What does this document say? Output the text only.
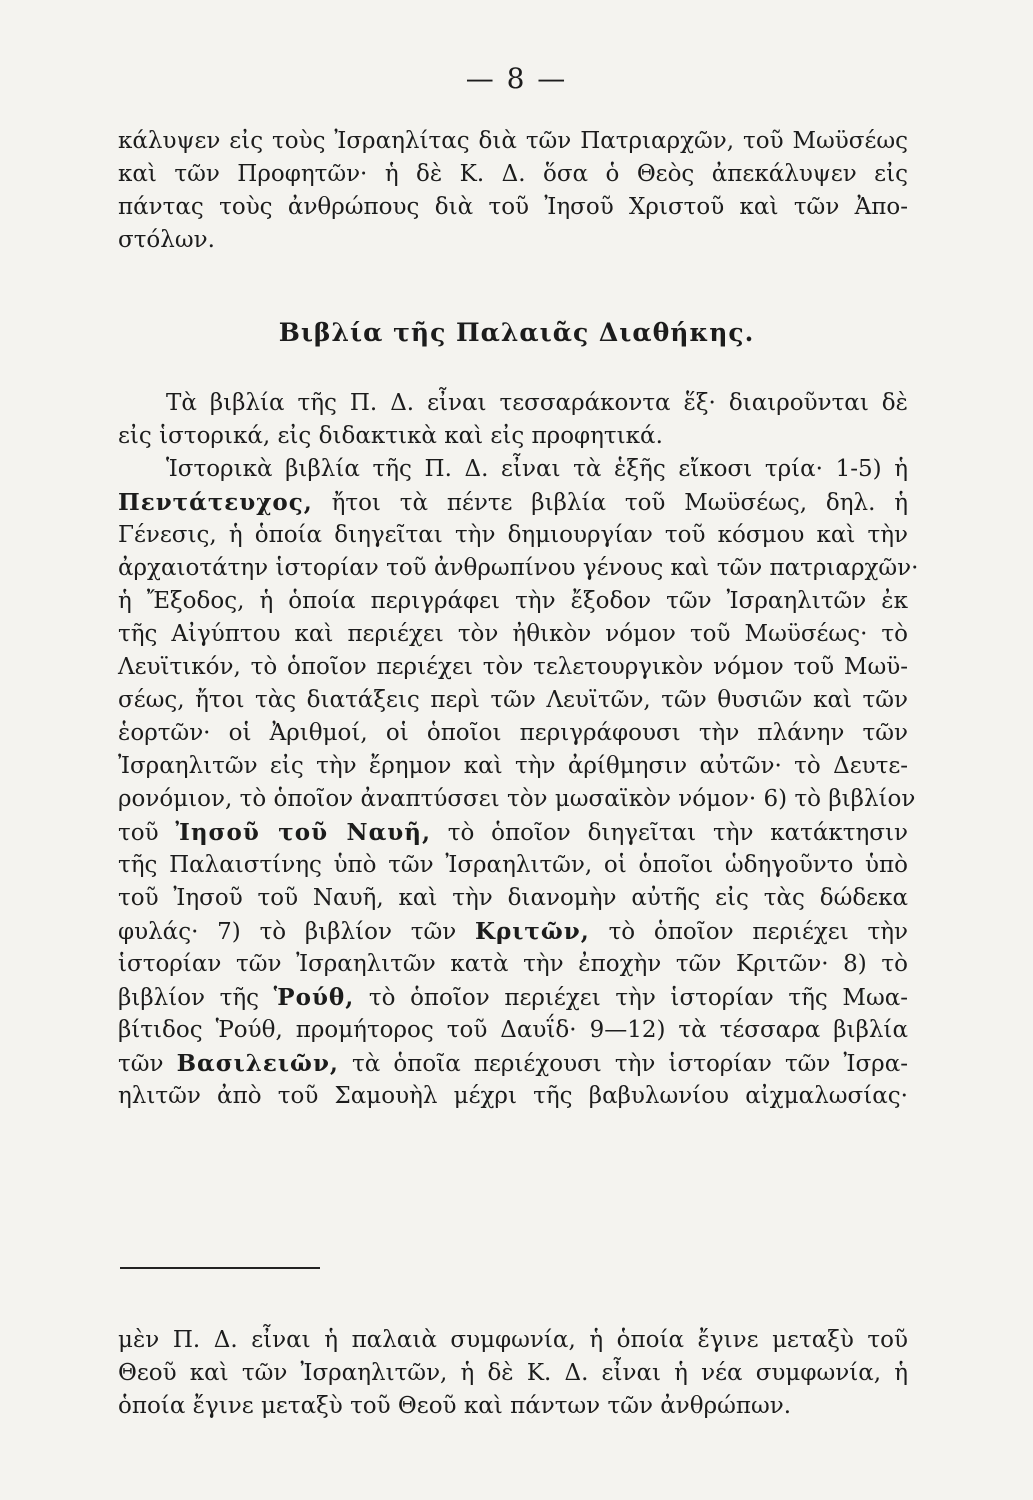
— 8 —
κάλυψεν εἰς τοὺς Ἰσραηλίτας διὰ τῶν Πατριαρχῶν, τοῦ Μωϋσέως
καὶ τῶν Προφητῶν· ἡ δὲ Κ. Δ. ὅσα ὁ Θεὸς ἀπεκάλυψεν εἰς
πάντας τοὺς ἀνθρώπους διὰ τοῦ Ἰησοῦ Χριστοῦ καὶ τῶν Ἀπο-
στόλων.
Βιβλία τῆς Παλαιᾶς Διαθήκης.
Τὰ βιβλία τῆς Π. Δ. εἶναι τεσσαράκοντα ἕξ· διαιροῦνται δὲ
εἰς ἱστορικά, εἰς διδακτικὰ καὶ εἰς προφητικά.
Ἱστορικὰ βιβλία τῆς Π. Δ. εἶναι τὰ ἑξῆς εἴκοσι τρία· 1-5) ἡ
Πεντάτευχος, ἤτοι τὰ πέντε βιβλία τοῦ Μωϋσέως, δηλ. ἡ
Γένεσις, ἡ ὁποία διηγεῖται τὴν δημιουργίαν τοῦ κόσμου καὶ τὴν
ἀρχαιοτάτην ἱστορίαν τοῦ ἀνθρωπίνου γένους καὶ τῶν πατριαρχῶν·
ἡ Ἔξοδος, ἡ ὁποία περιγράφει τὴν ἔξοδον τῶν Ἰσραηλιτῶν ἐκ
τῆς Αἰγύπτου καὶ περιέχει τὸν ἠθικὸν νόμον τοῦ Μωϋσέως· τὸ
Λευϊτικόν, τὸ ὁποῖον περιέχει τὸν τελετουργικὸν νόμον τοῦ Μωϋ-
σέως, ἤτοι τὰς διατάξεις περὶ τῶν Λευϊτῶν, τῶν θυσιῶν καὶ τῶν
ἑορτῶν· οἱ Ἀριθμοί, οἱ ὁποῖοι περιγράφουσι τὴν πλάνην τῶν
Ἰσραηλιτῶν εἰς τὴν ἔρημον καὶ τὴν ἀρίθμησιν αὐτῶν· τὸ Δευτε-
ρονόμιον, τὸ ὁποῖον ἀναπτύσσει τὸν μωσαϊκὸν νόμον· 6) τὸ βιβλίον
τοῦ Ἰησοῦ τοῦ Ναυῆ, τὸ ὁποῖον διηγεῖται τὴν κατάκτησιν
τῆς Παλαιστίνης ὑπὸ τῶν Ἰσραηλιτῶν, οἱ ὁποῖοι ὡδηγοῦντο ὑπὸ
τοῦ Ἰησοῦ τοῦ Ναυῆ, καὶ τὴν διανομὴν αὐτῆς εἰς τὰς δώδεκα
φυλάς· 7) τὸ βιβλίον τῶν Κριτῶν, τὸ ὁποῖον περιέχει τὴν
ἱστορίαν τῶν Ἰσραηλιτῶν κατὰ τὴν ἐποχὴν τῶν Κριτῶν· 8) τὸ
βιβλίον τῆς Ῥούθ, τὸ ὁποῖον περιέχει τὴν ἱστορίαν τῆς Μωα-
βίτιδος Ῥούθ, προμήτορος τοῦ Δαυΐδ· 9—12) τὰ τέσσαρα βιβλία
τῶν Βασιλειῶν, τὰ ὁποῖα περιέχουσι τὴν ἱστορίαν τῶν Ἰσρα-
ηλιτῶν ἀπὸ τοῦ Σαμουὴλ μέχρι τῆς βαβυλωνίου αἰχμαλωσίας·
μὲν Π. Δ. εἶναι ἡ παλαιὰ συμφωνία, ἡ ὁποία ἔγινε μεταξὺ τοῦ
Θεοῦ καὶ τῶν Ἰσραηλιτῶν, ἡ δὲ Κ. Δ. εἶναι ἡ νέα συμφωνία, ἡ
ὁποία ἔγινε μεταξὺ τοῦ Θεοῦ καὶ πάντων τῶν ἀνθρώπων.
